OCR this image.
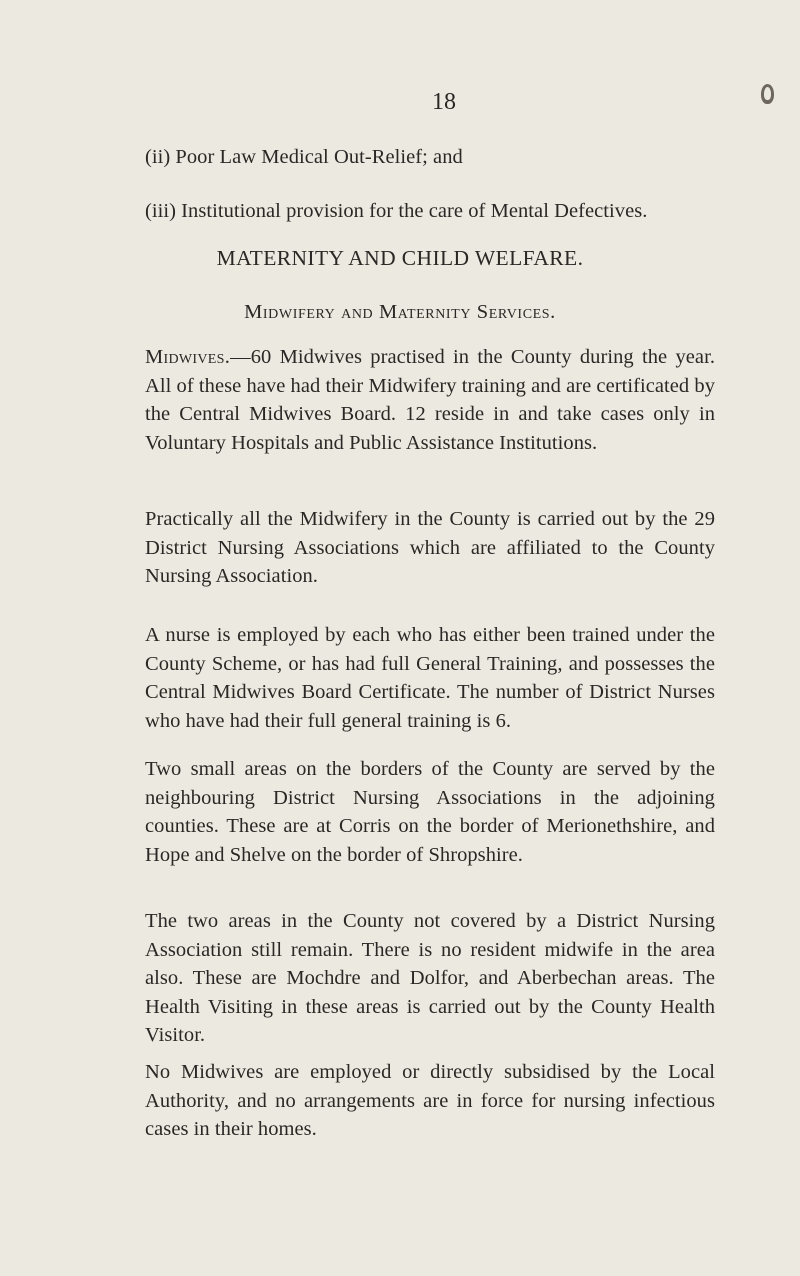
18
(ii) Poor Law Medical Out-Relief; and
(iii) Institutional provision for the care of Mental Defectives.
MATERNITY AND CHILD WELFARE.
Midwifery and Maternity Services.
Midwives.—60 Midwives practised in the County during the year. All of these have had their Midwifery training and are certificated by the Central Midwives Board. 12 reside in and take cases only in Voluntary Hospitals and Public Assistance Institutions.
Practically all the Midwifery in the County is carried out by the 29 District Nursing Associations which are affiliated to the County Nursing Association.
A nurse is employed by each who has either been trained under the County Scheme, or has had full General Training, and possesses the Central Midwives Board Certificate. The number of District Nurses who have had their full general training is 6.
Two small areas on the borders of the County are served by the neighbouring District Nursing Associations in the adjoining counties. These are at Corris on the border of Merionethshire, and Hope and Shelve on the border of Shropshire.
The two areas in the County not covered by a District Nursing Association still remain. There is no resident midwife in the area also. These are Mochdre and Dolfor, and Aberbechan areas. The Health Visiting in these areas is carried out by the County Health Visitor.
No Midwives are employed or directly subsidised by the Local Authority, and no arrangements are in force for nursing infectious cases in their homes.
